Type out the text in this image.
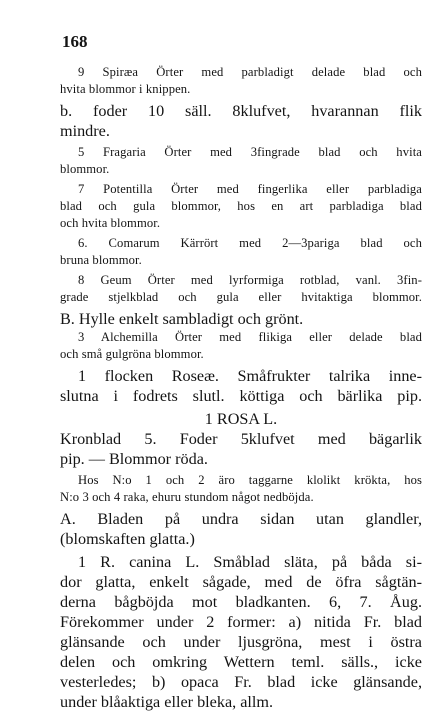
168
9 Spiræa Örter med parbladigt delade blad och
hvita blommor i knippen.
b. foder 10 säll. 8klufvet, hvarannan flik
mindre.
5 Fragaria Örter med 3fingrade blad och hvita
blommor.
7 Potentilla Örter med fingerlika eller parbladiga
blad och gula blommor, hos en art parbladiga blad
och hvita blommor.
6. Comarum Kärrört med 2—3pariga blad och
bruna blommor.
8 Geum Örter med lyrformiga rotblad, vanl. 3fin-
grade stjelkblad och gula eller hvitaktiga blommor.
B. Hylle enkelt sambladigt och grönt.
3 Alchemilla Örter med flikiga eller delade blad
och små gulgröna blommor.
1 flocken Roseæ. Småfrukter talrika inne-
slutna i fodrets slutl. köttiga och bärlika pip.
1 ROSA L.
Kronblad 5. Foder 5klufvet med bägarlik
pip. — Blommor röda.
Hos N:o 1 och 2 äro taggarne klolikt krökta, hos
N:o 3 och 4 raka, ehuru stundom något nedböjda.
A. Bladen på undra sidan utan glandler,
(blomskaften glatta.)
1 R. canina L. Småblad släta, på båda si-
dor glatta, enkelt sågade, med de öfra sågtän-
derna bågböjda mot bladkanten. 6, 7. Åug.
Förekommer under 2 former: a) nitida Fr. blad
glänsande och under ljusgröna, mest i östra
delen och omkring Wettern teml. sälls., icke
vesterledes; b) opaca Fr. blad icke glänsande,
under blåaktiga eller bleka, allm.
